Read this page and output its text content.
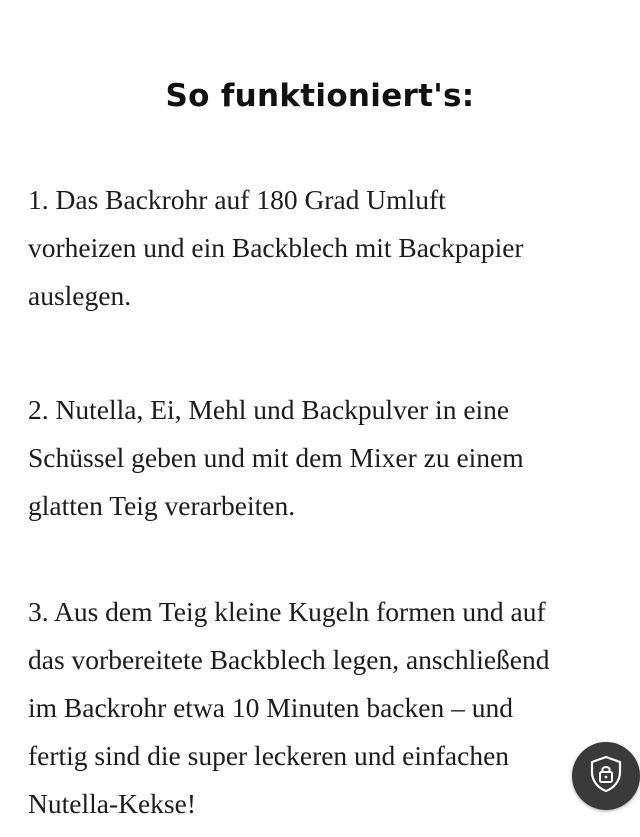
So funktioniert's:
1. Das Backrohr auf 180 Grad Umluft
vorheizen und ein Backblech mit Backpapier
auslegen.
2. Nutella, Ei, Mehl und Backpulver in eine
Schüssel geben und mit dem Mixer zu einem
glatten Teig verarbeiten.
3. Aus dem Teig kleine Kugeln formen und auf
das vorbereitete Backblech legen, anschließend
im Backrohr etwa 10 Minuten backen – und
fertig sind die super leckeren und einfachen
Nutella-Kekse!
